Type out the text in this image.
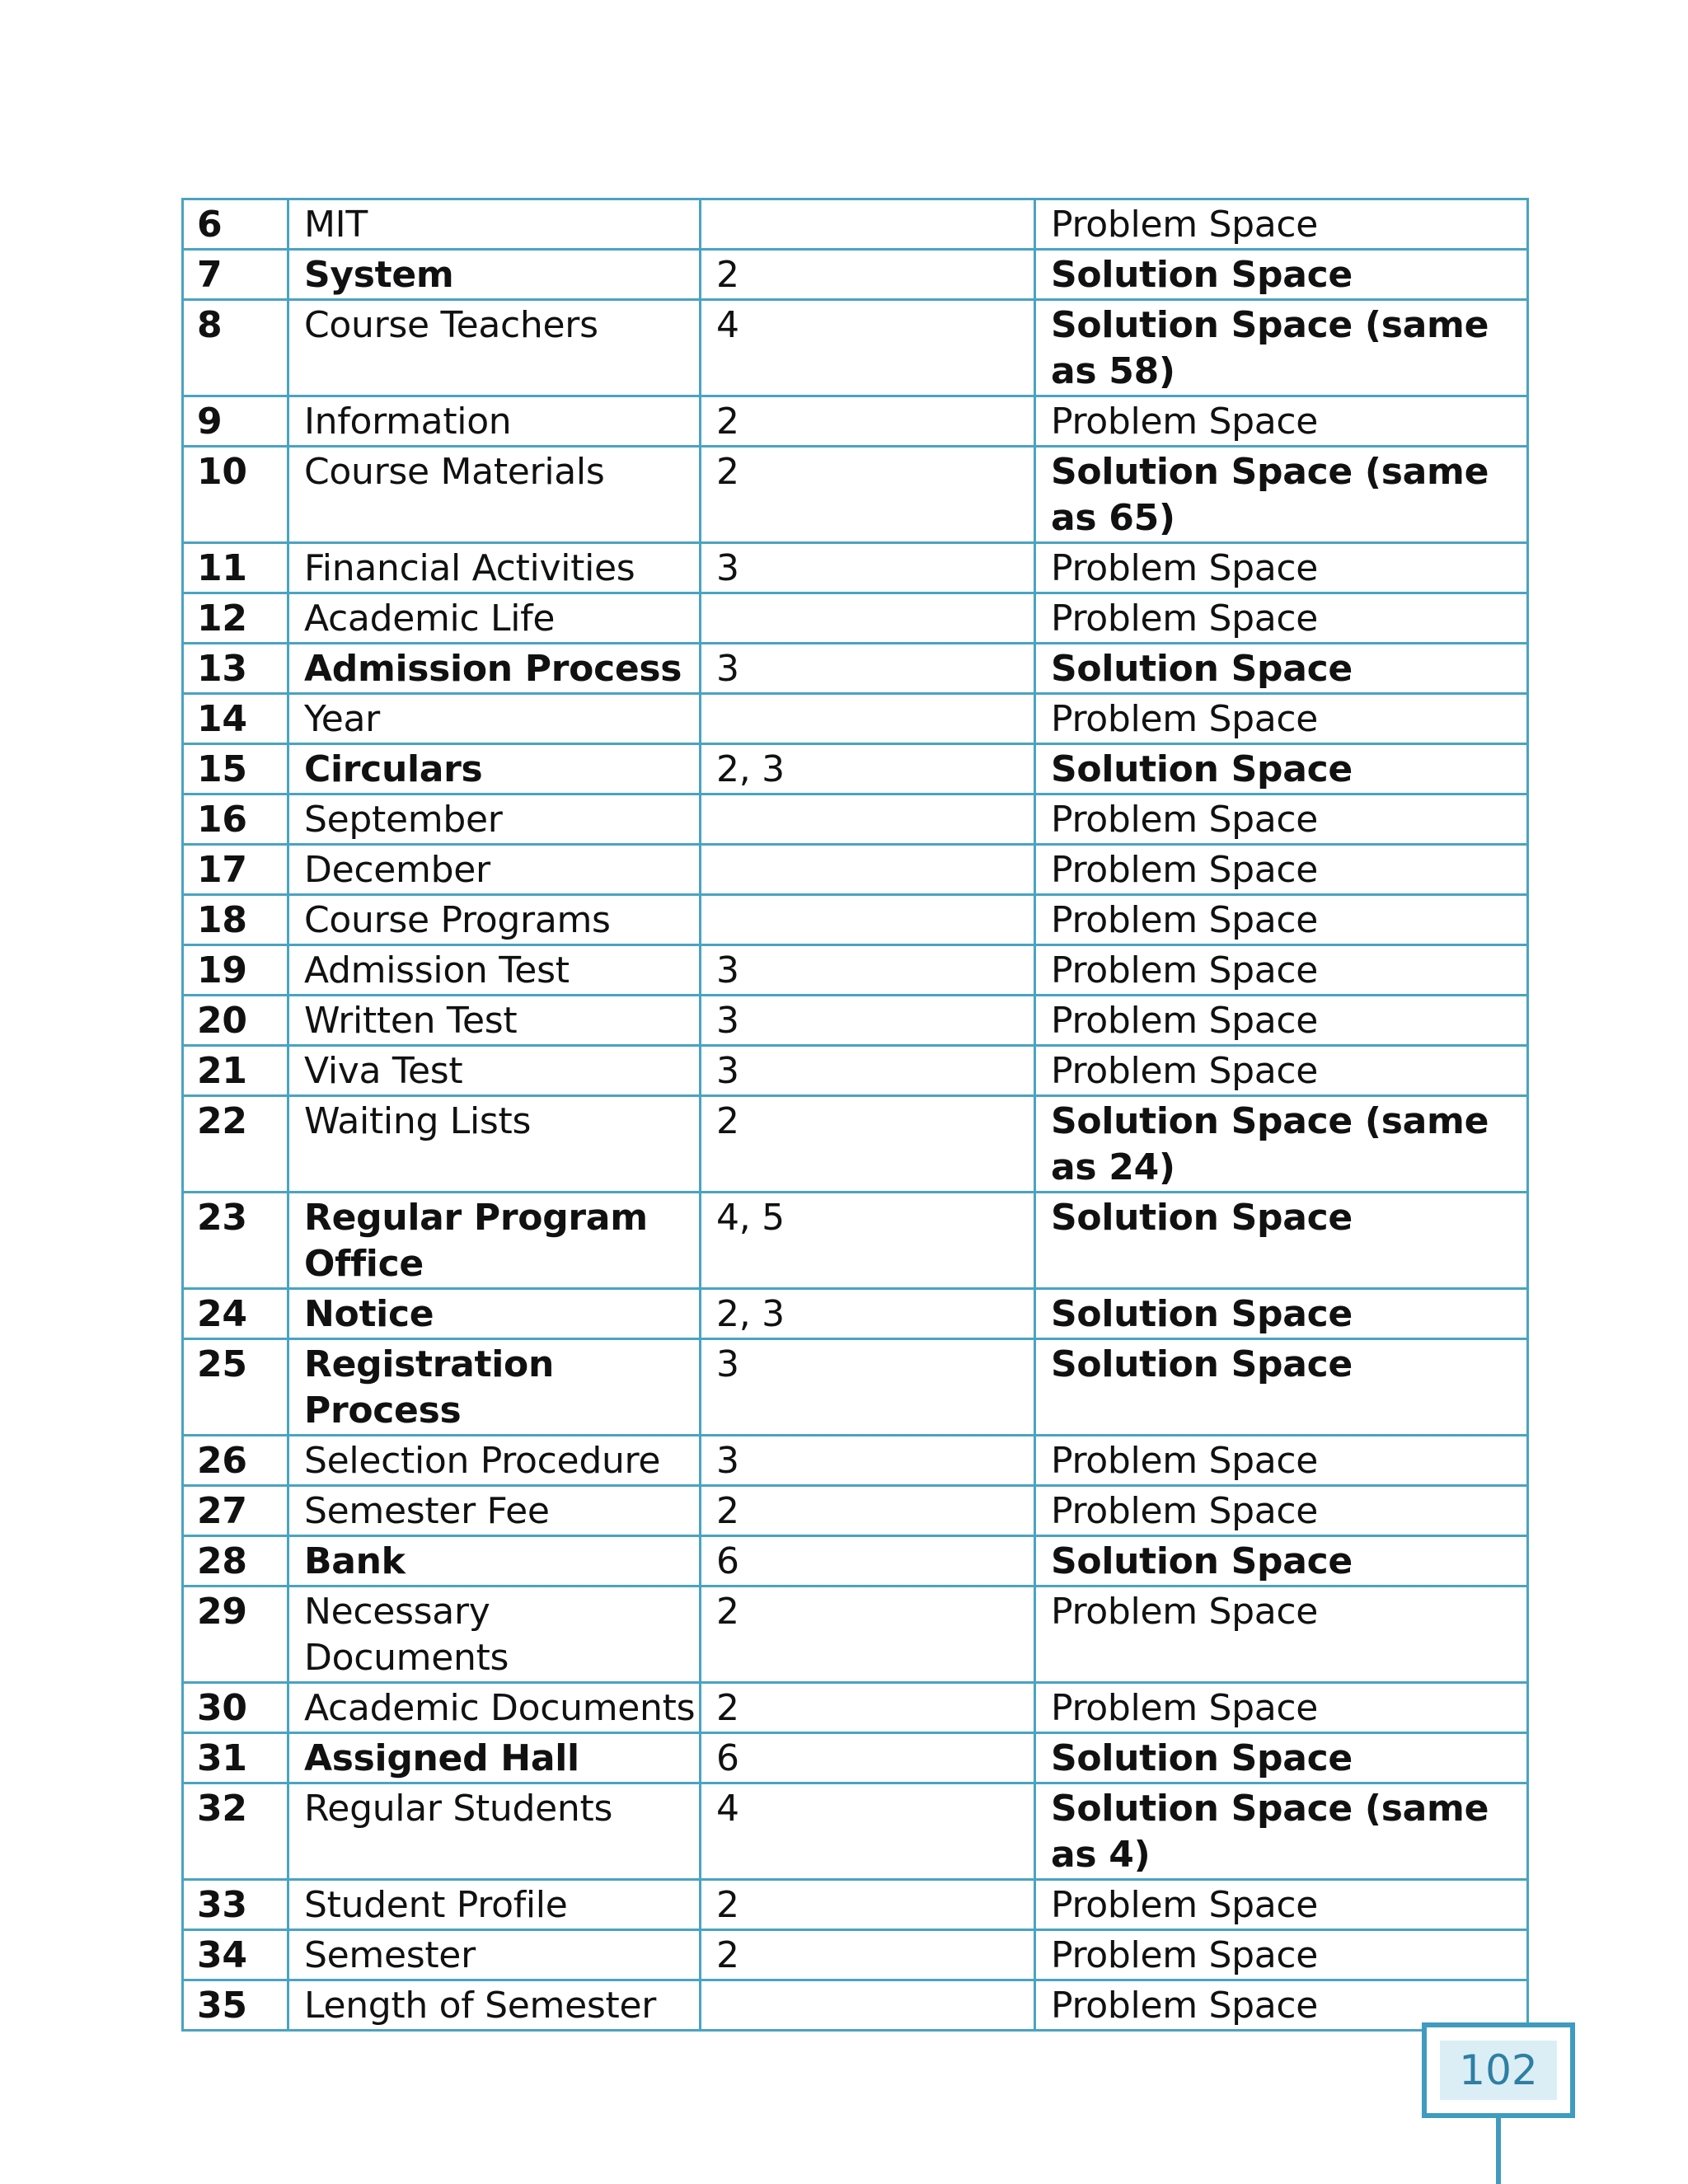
6	MIT		Problem Space
7	System	2	Solution Space
8	Course Teachers	4	Solution Space (same as 58)
9	Information	2	Problem Space
10	Course Materials	2	Solution Space (same as 65)
11	Financial Activities	3	Problem Space
12	Academic Life		Problem Space
13	Admission Process	3	Solution Space
14	Year		Problem Space
15	Circulars	2, 3	Solution Space
16	September		Problem Space
17	December		Problem Space
18	Course Programs		Problem Space
19	Admission Test	3	Problem Space
20	Written Test	3	Problem Space
21	Viva Test	3	Problem Space
22	Waiting Lists	2	Solution Space (same as 24)
23	Regular Program Office	4, 5	Solution Space
24	Notice	2, 3	Solution Space
25	Registration Process	3	Solution Space
26	Selection Procedure	3	Problem Space
27	Semester Fee	2	Problem Space
28	Bank	6	Solution Space
29	Necessary Documents	2	Problem Space
30	Academic Documents	2	Problem Space
31	Assigned Hall	6	Solution Space
32	Regular Students	4	Solution Space (same as 4)
33	Student Profile	2	Problem Space
34	Semester	2	Problem Space
35	Length of Semester		Problem Space
102
